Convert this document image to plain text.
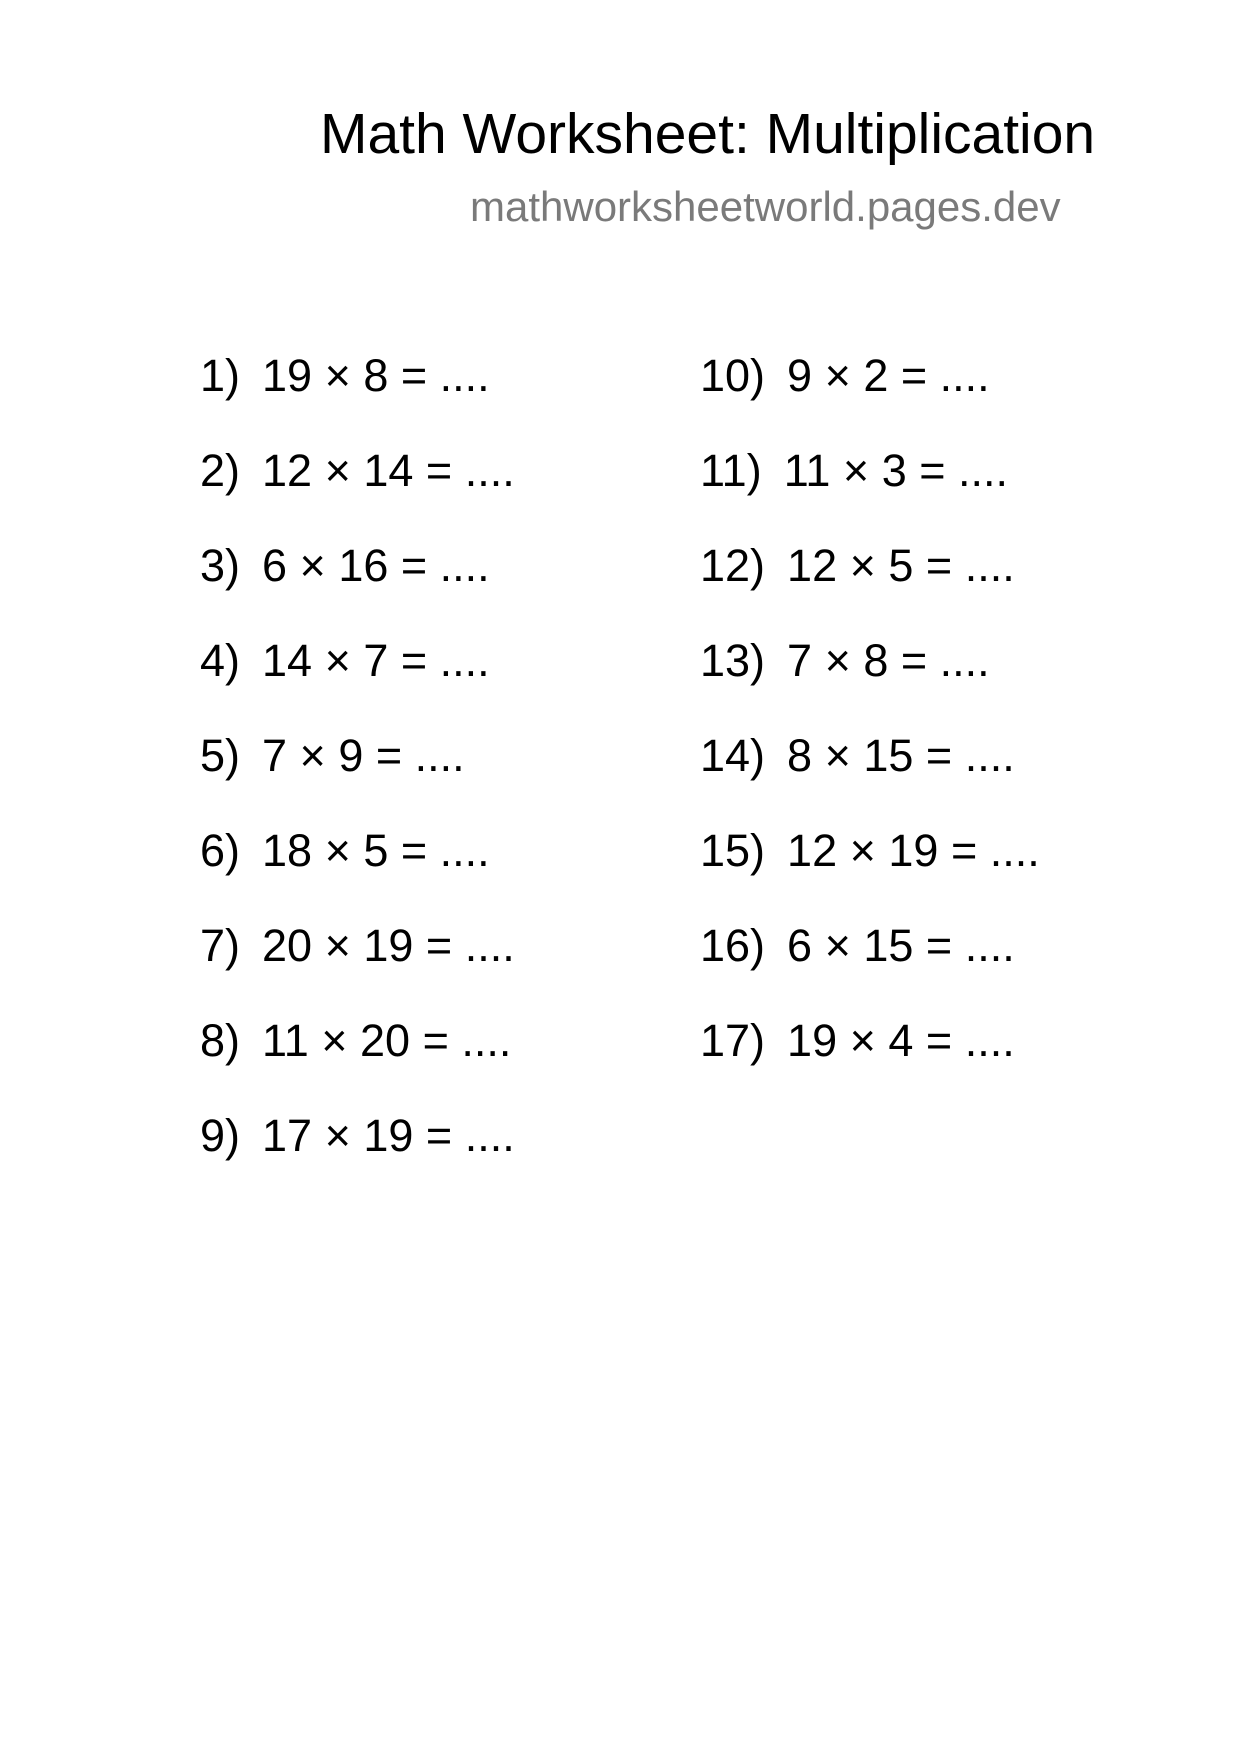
Math Worksheet: Multiplication
mathworksheetworld.pages.dev
1) 19 × 8 = ....
2) 12 × 14 = ....
3) 6 × 16 = ....
4) 14 × 7 = ....
5) 7 × 9 = ....
6) 18 × 5 = ....
7) 20 × 19 = ....
8) 11 × 20 = ....
9) 17 × 19 = ....
10) 9 × 2 = ....
11) 11 × 3 = ....
12) 12 × 5 = ....
13) 7 × 8 = ....
14) 8 × 15 = ....
15) 12 × 19 = ....
16) 6 × 15 = ....
17) 19 × 4 = ....
